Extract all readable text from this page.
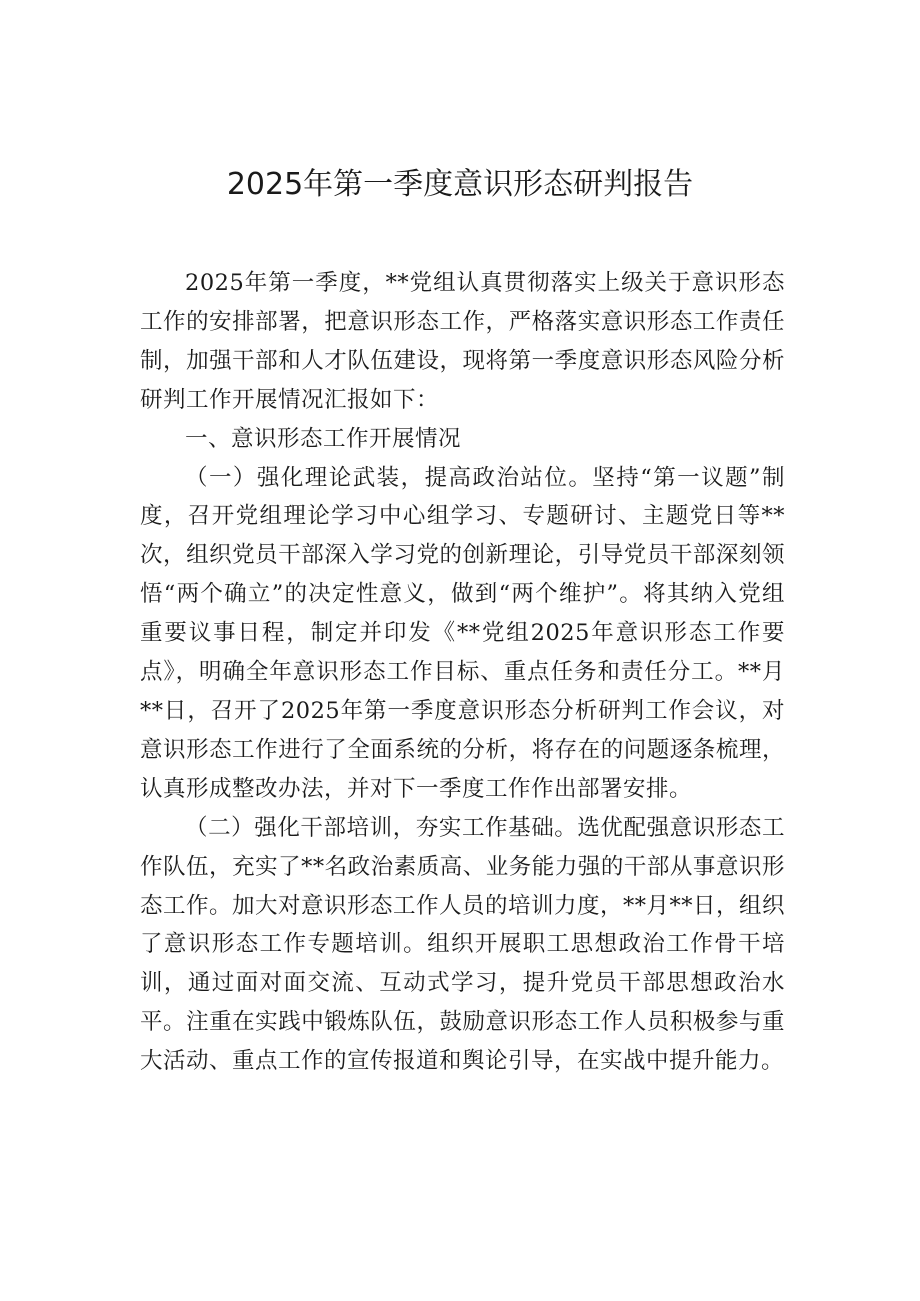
2025年第一季度意识形态研判报告

2025年第一季度，**党组认真贯彻落实上级关于意识形态工作的安排部署，把意识形态工作，严格落实意识形态工作责任制，加强干部和人才队伍建设，现将第一季度意识形态风险分析研判工作开展情况汇报如下：

一、意识形态工作开展情况

（一）强化理论武装，提高政治站位。坚持“第一议题”制度，召开党组理论学习中心组学习、专题研讨、主题党日等**次，组织党员干部深入学习党的创新理论，引导党员干部深刻领悟“两个确立”的决定性意义，做到“两个维护”。将其纳入党组重要议事日程，制定并印发《**党组2025年意识形态工作要点》，明确全年意识形态工作目标、重点任务和责任分工。**月**日，召开了2025年第一季度意识形态分析研判工作会议，对意识形态工作进行了全面系统的分析，将存在的问题逐条梳理，认真形成整改办法，并对下一季度工作作出部署安排。

（二）强化干部培训，夯实工作基础。选优配强意识形态工作队伍，充实了**名政治素质高、业务能力强的干部从事意识形态工作。加大对意识形态工作人员的培训力度，**月**日，组织了意识形态工作专题培训。组织开展职工思想政治工作骨干培训，通过面对面交流、互动式学习，提升党员干部思想政治水平。注重在实践中锻炼队伍，鼓励意识形态工作人员积极参与重大活动、重点工作的宣传报道和舆论引导，在实战中提升能力。
